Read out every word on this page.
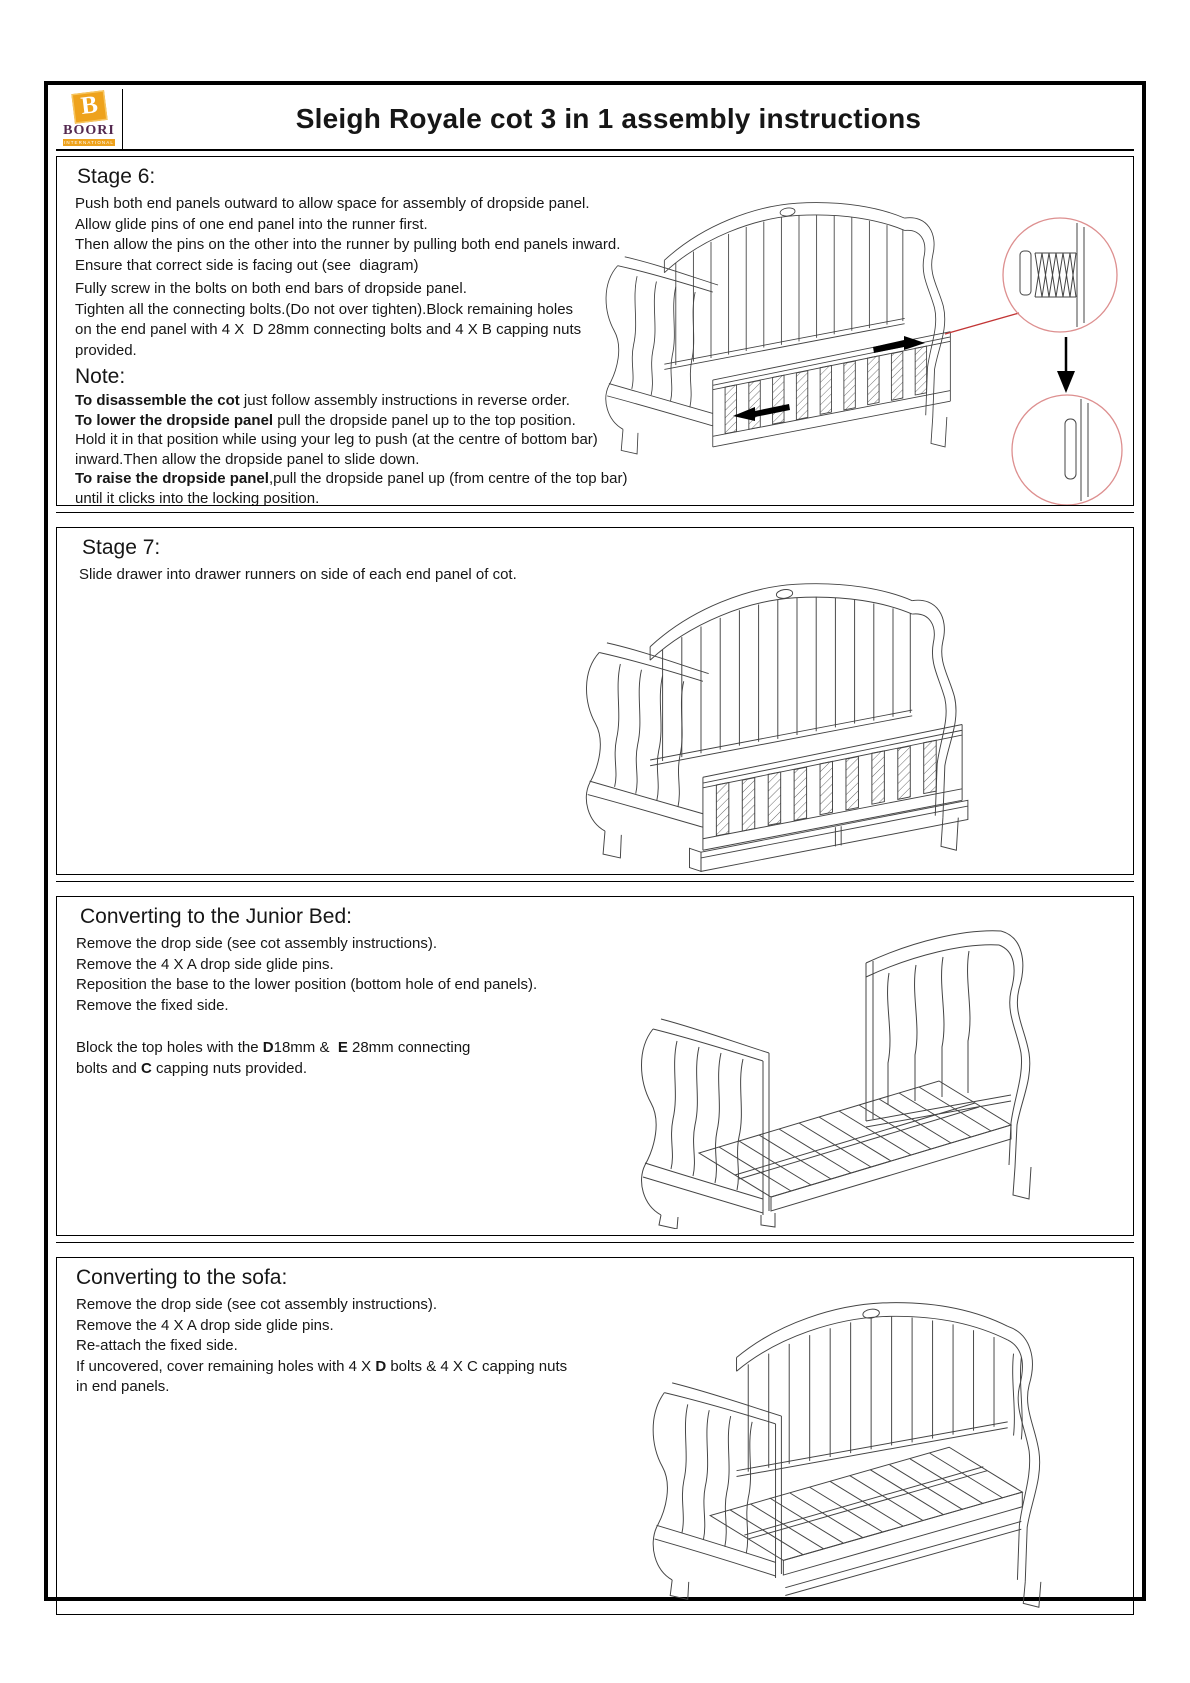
B
BOORI
INTERNATIONAL
Sleigh Royale cot 3 in 1 assembly instructions
Stage 6:
Push both end panels outward to allow space for assembly of dropside panel.
Allow glide pins of one end panel into the runner first.
Then allow the pins on the other into the runner by pulling both end panels inward.
Ensure that correct side is facing out (see  diagram)
Fully screw in the bolts on both end bars of dropside panel.
Tighten all the connecting bolts.(Do not over tighten).Block remaining holes
on the end panel with 4 X  D 28mm connecting bolts and 4 X B capping nuts
provided.
Note:
To disassemble the cot just follow assembly instructions in reverse order.
To lower the dropside panel pull the dropside panel up to the top position.
Hold it in that position while using your leg to push (at the centre of bottom bar)
inward.Then allow the dropside panel to slide down.
To raise the dropside panel,pull the dropside panel up (from centre of the top bar)
until it clicks into the locking position.
Stage 7:
Slide drawer into drawer runners on side of each end panel of cot.
Converting to the Junior Bed:
Remove the drop side (see cot assembly instructions).
Remove the 4 X A drop side glide pins.
Reposition the base to the lower position (bottom hole of end panels).
Remove the fixed side.
Block the top holes with the D18mm &  E 28mm connecting
bolts and C capping nuts provided.
Converting to the sofa:
Remove the drop side (see cot assembly instructions).
Remove the 4 X A drop side glide pins.
Re-attach the fixed side.
If uncovered, cover remaining holes with 4 X D bolts & 4 X C capping nuts
in end panels.
